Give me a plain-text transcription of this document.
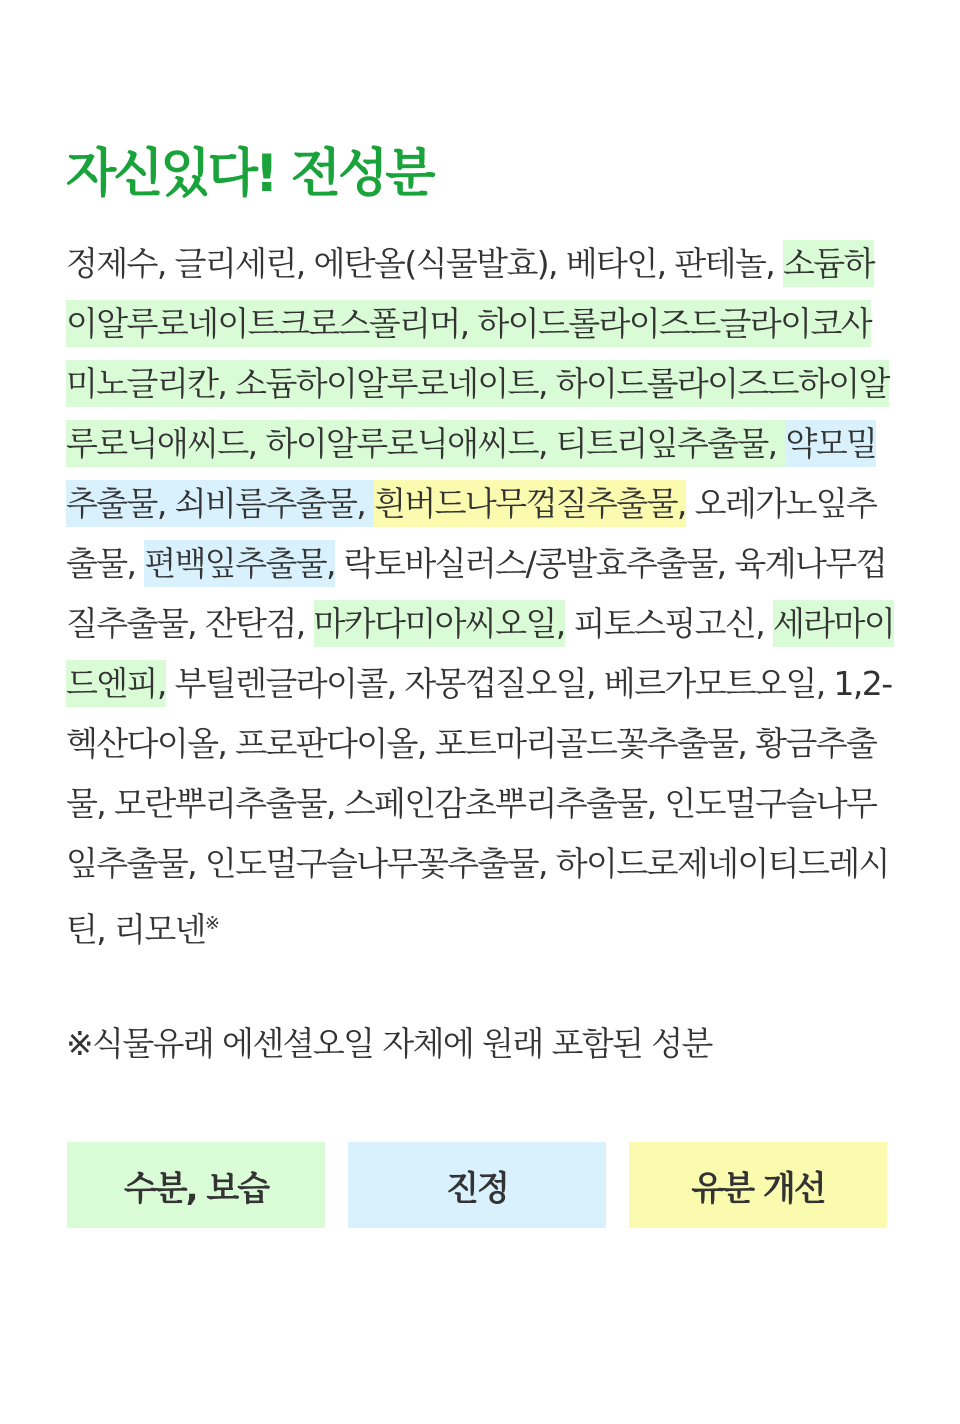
자신있다! 전성분

정제수, 글리세린, 에탄올(식물발효), 베타인, 판테놀, 소듐하이알루로네이트크로스폴리머, 하이드롤라이즈드글라이코사미노글리칸, 소듐하이알루로네이트, 하이드롤라이즈드하이알루로닉애씨드, 하이알루로닉애씨드, 티트리잎추출물, 약모밀추출물, 쇠비름추출물, 흰버드나무껍질추출물, 오레가노잎추출물, 편백잎추출물, 락토바실러스/콩발효추출물, 육계나무껍질추출물, 잔탄검, 마카다미아씨오일, 피토스핑고신, 세라마이드엔피, 부틸렌글라이콜, 자몽껍질오일, 베르가모트오일, 1,2-헥산다이올, 프로판다이올, 포트마리골드꽃추출물, 황금추출물, 모란뿌리추출물, 스페인감초뿌리추출물, 인도멀구슬나무잎추출물, 인도멀구슬나무꽃추출물, 하이드로제네이티드레시틴, 리모넨※

※식물유래 에센셜오일 자체에 원래 포함된 성분
수분, 보습	진정	유분 개선
